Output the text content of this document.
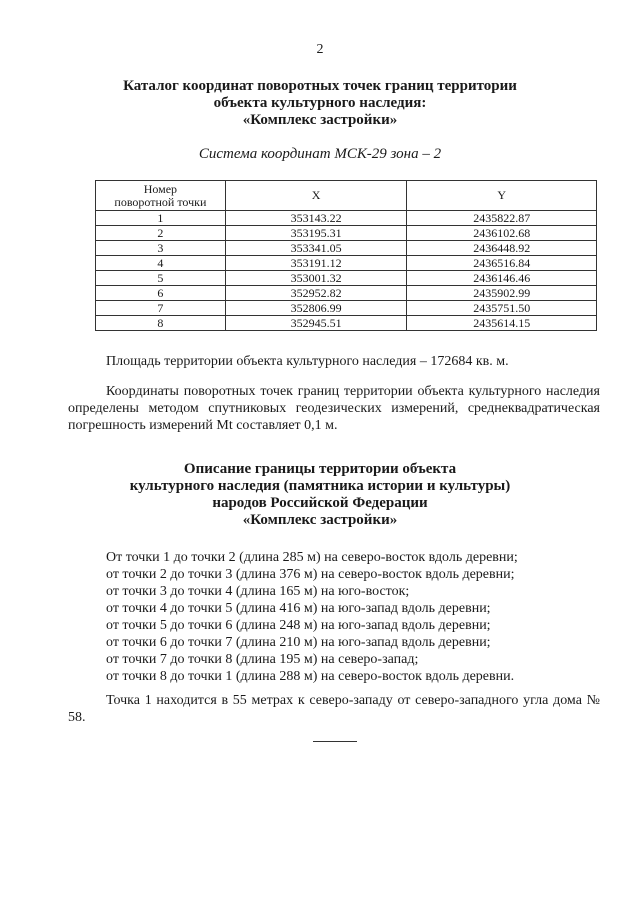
2
Каталог координат поворотных точек границ территории
объекта культурного наследия:
«Комплекс застройки»
Система координат МСК-29 зона – 2
Номер
поворотной точки	X	Y
1	353143.22	2435822.87
2	353195.31	2436102.68
3	353341.05	2436448.92
4	353191.12	2436516.84
5	353001.32	2436146.46
6	352952.82	2435902.99
7	352806.99	2435751.50
8	352945.51	2435614.15
Площадь территории объекта культурного наследия – 172684 кв. м.
Координаты поворотных точек границ территории объекта культурного наследия определены методом спутниковых геодезических измерений, среднеквадратическая погрешность измерений Mt составляет 0,1 м.
Описание границы территории объекта
культурного наследия (памятника истории и культуры)
народов Российской Федерации
«Комплекс застройки»
От точки 1 до точки 2 (длина 285 м) на северо-восток вдоль деревни;
от точки 2 до точки 3 (длина 376 м) на северо-восток вдоль деревни;
от точки 3 до точки 4 (длина 165 м) на юго-восток;
от точки 4 до точки 5 (длина 416 м) на юго-запад вдоль деревни;
от точки 5 до точки 6 (длина 248 м) на юго-запад вдоль деревни;
от точки 6 до точки 7 (длина 210 м) на юго-запад вдоль деревни;
от точки 7 до точки 8 (длина 195 м) на северо-запад;
от точки 8 до точки 1 (длина 288 м) на северо-восток вдоль деревни.
Точка 1 находится в 55 метрах к северо-западу от северо-западного угла дома № 58.
